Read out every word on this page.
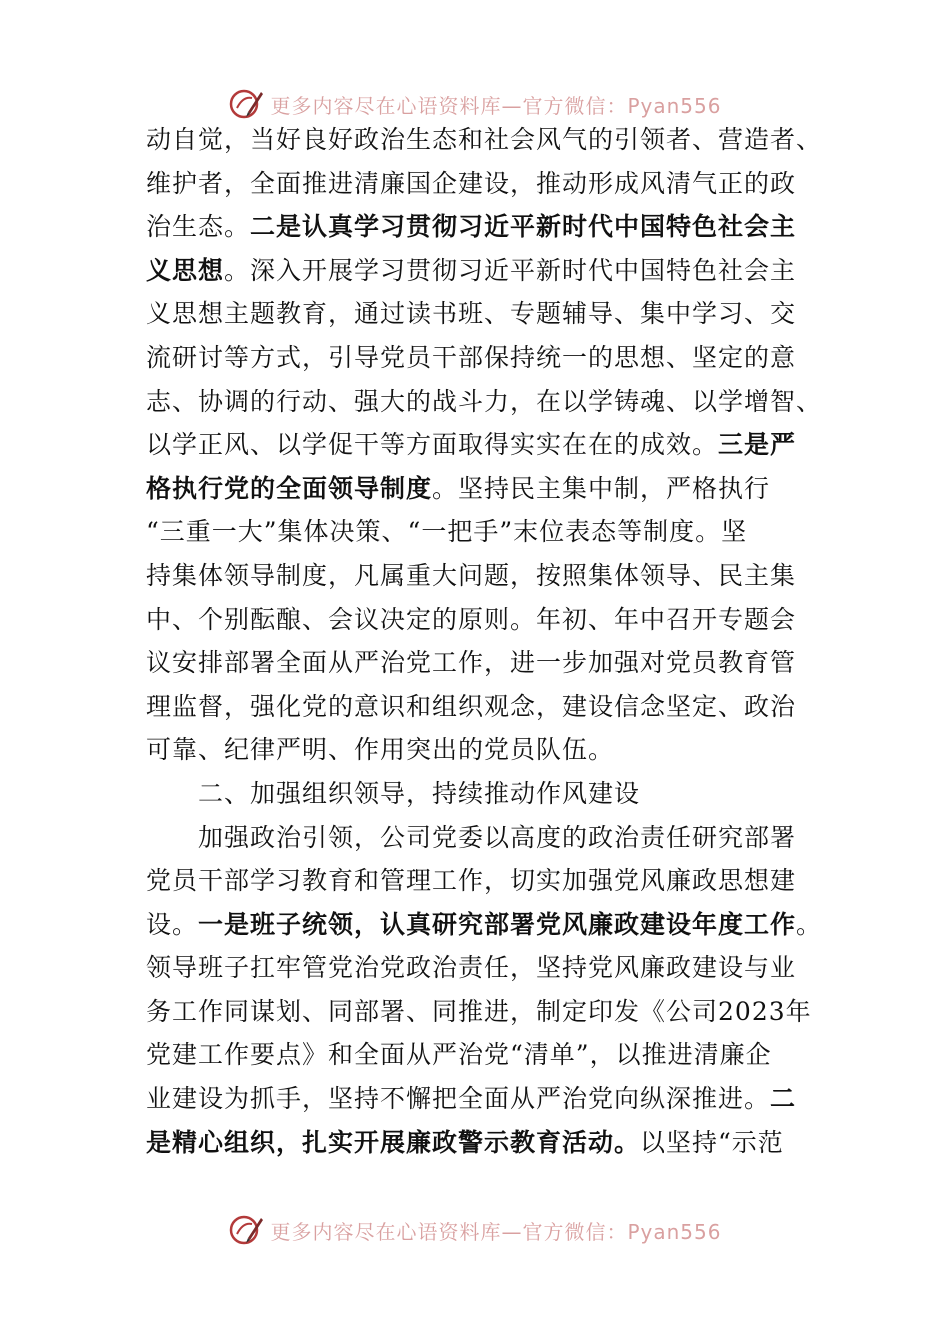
更多内容尽在心语资料库—官方微信：Pyan556
动自觉，当好良好政治生态和社会风气的引领者、营造者、
维护者，全面推进清廉国企建设，推动形成风清气正的政
治生态。二是认真学习贯彻习近平新时代中国特色社会主
义思想。深入开展学习贯彻习近平新时代中国特色社会主
义思想主题教育，通过读书班、专题辅导、集中学习、交
流研讨等方式，引导党员干部保持统一的思想、坚定的意
志、协调的行动、强大的战斗力，在以学铸魂、以学增智、
以学正风、以学促干等方面取得实实在在的成效。三是严
格执行党的全面领导制度。坚持民主集中制，严格执行
“三重一大”集体决策、“一把手”末位表态等制度。坚
持集体领导制度，凡属重大问题，按照集体领导、民主集
中、个别酝酿、会议决定的原则。年初、年中召开专题会
议安排部署全面从严治党工作，进一步加强对党员教育管
理监督，强化党的意识和组织观念，建设信念坚定、政治
可靠、纪律严明、作用突出的党员队伍。
二、加强组织领导，持续推动作风建设
加强政治引领，公司党委以高度的政治责任研究部署
党员干部学习教育和管理工作，切实加强党风廉政思想建
设。一是班子统领，认真研究部署党风廉政建设年度工作。
领导班子扛牢管党治党政治责任，坚持党风廉政建设与业
务工作同谋划、同部署、同推进，制定印发《公司2023年
党建工作要点》和全面从严治党“清单”，以推进清廉企
业建设为抓手，坚持不懈把全面从严治党向纵深推进。二
是精心组织，扎实开展廉政警示教育活动。以坚持“示范
更多内容尽在心语资料库—官方微信：Pyan556
